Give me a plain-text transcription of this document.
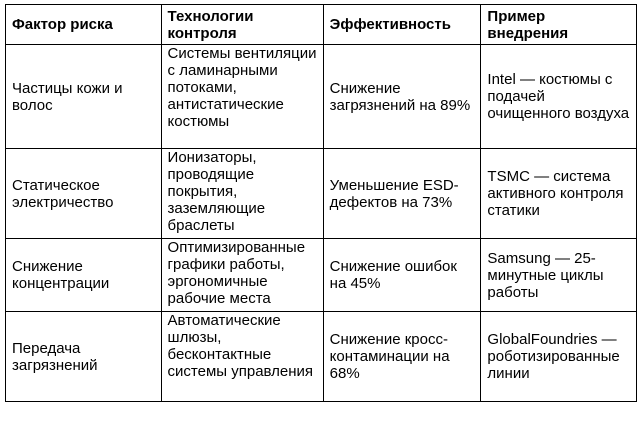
Фактор риска	Технологии контроля	Эффективность	Пример внедрения
Частицы кожи и волос	Системы вентиляции с ламинарными потоками, антистатические костюмы	Снижение загрязнений на 89%	Intel — костюмы с подачей очищенного воздуха
Статическое электричество	Ионизаторы, проводящие покрытия, заземляющие браслеты	Уменьшение ESD-дефектов на 73%	TSMC — система активного контроля статики
Снижение концентрации	Оптимизированные графики работы, эргономичные рабочие места	Снижение ошибок на 45%	Samsung — 25-минутные циклы работы
Передача загрязнений	Автоматические шлюзы, бесконтактные системы управления	Снижение кросс-контаминации на 68%	GlobalFoundries — роботизированные линии
